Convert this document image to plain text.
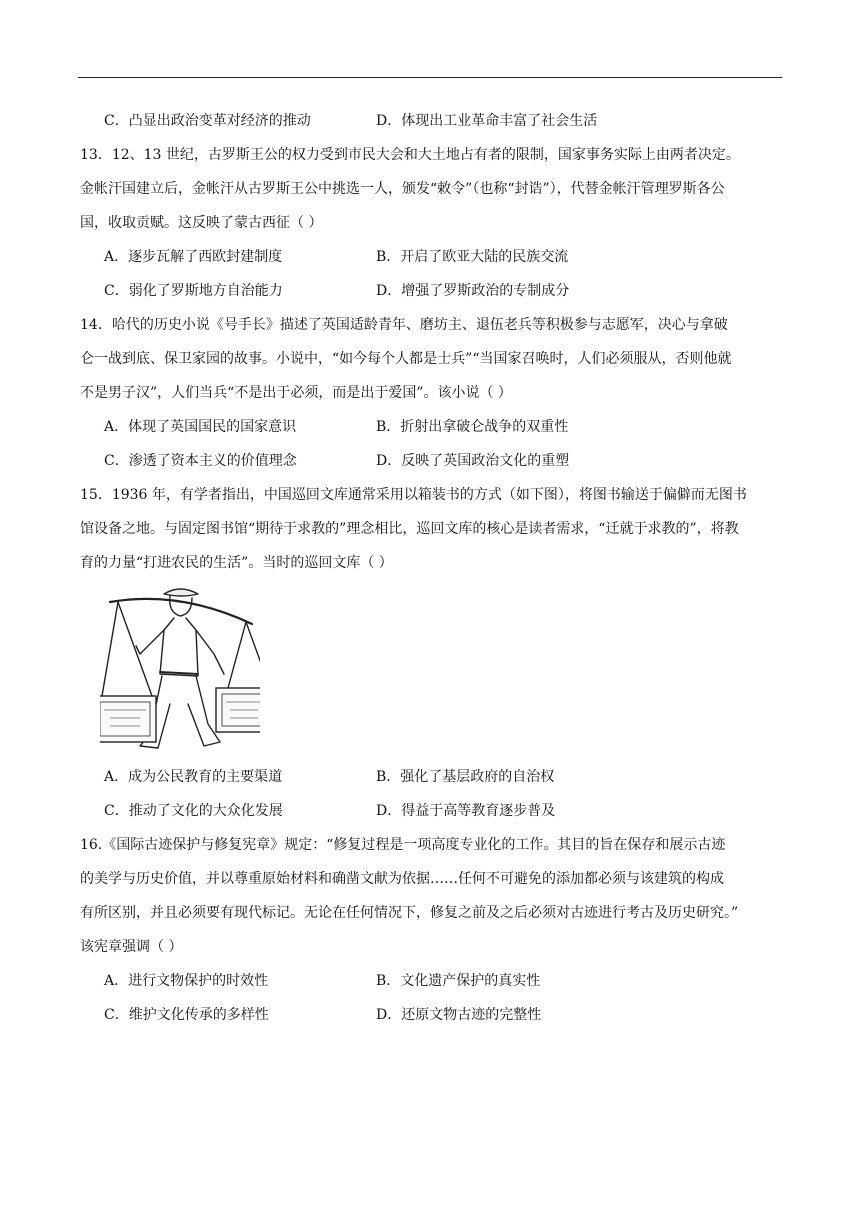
C．凸显出政治变革对经济的推动	D．体现出工业革命丰富了社会生活
13．12、13 世纪，古罗斯王公的权力受到市民大会和大土地占有者的限制，国家事务实际上由两者决定。
金帐汗国建立后，金帐汗从古罗斯王公中挑选一人，颁发“敕令”（也称“封诰”），代替金帐汗管理罗斯各公
国，收取贡赋。这反映了蒙古西征（ ）
A．逐步瓦解了西欧封建制度	B．开启了欧亚大陆的民族交流
C．弱化了罗斯地方自治能力	D．增强了罗斯政治的专制成分
14．哈代的历史小说《号手长》描述了英国适龄青年、磨坊主、退伍老兵等积极参与志愿军，决心与拿破
仑一战到底、保卫家园的故事。小说中，“如今每个人都是士兵”“当国家召唤时，人们必须服从，否则他就
不是男子汉”，人们当兵“不是出于必须，而是出于爱国”。该小说（ ）
A．体现了英国国民的国家意识	B．折射出拿破仑战争的双重性
C．渗透了资本主义的价值理念	D．反映了英国政治文化的重塑
15．1936 年，有学者指出，中国巡回文库通常采用以箱装书的方式（如下图），将图书输送于偏僻而无图书
馆设备之地。与固定图书馆“期待于求教的”理念相比，巡回文库的核心是读者需求，“迁就于求教的”，将教
育的力量“打进农民的生活”。当时的巡回文库（ ）
A．成为公民教育的主要渠道	B．强化了基层政府的自治权
C．推动了文化的大众化发展	D．得益于高等教育逐步普及
16.《国际古迹保护与修复宪章》规定：“修复过程是一项高度专业化的工作。其目的旨在保存和展示古迹
的美学与历史价值，并以尊重原始材料和确凿文献为依据……任何不可避免的添加都必须与该建筑的构成
有所区别，并且必须要有现代标记。无论在任何情况下，修复之前及之后必须对古迹进行考古及历史研究。”
该宪章强调（ ）
A．进行文物保护的时效性	B．文化遗产保护的真实性
C．维护文化传承的多样性	D．还原文物古迹的完整性
